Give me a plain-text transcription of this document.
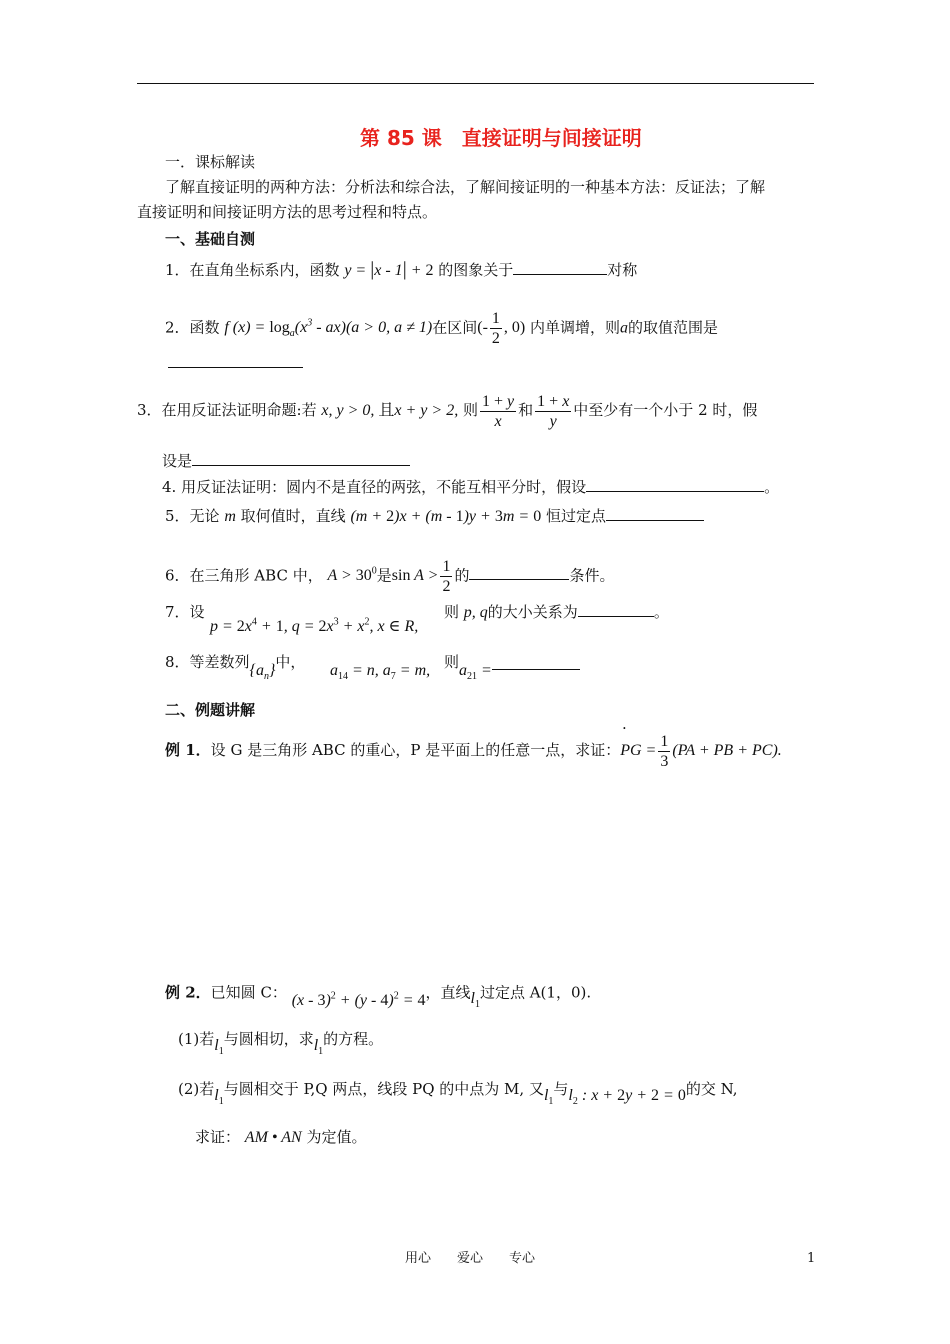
第 85 课　直接证明与间接证明
一．课标解读
了解直接证明的两种方法：分析法和综合法，了解间接证明的一种基本方法：反证法；了解
直接证明和间接证明方法的思考过程和特点。
一、基础自测
1．在直角坐标系内，函数 y = |x - 1| + 2 的图象关于	对称
2．函数 f $(x) = \log_a(x^3 - ax)(a > 0$, a ≠ 1)在区间(- $\frac{1}{2}$ , 0) 内单调增，则a的取值范围是
3．在用反证法证明命题:若 x, y > 0, 且x + y > 2, 则 $\frac{1 + y}{x}$ 和 $\frac{1 + x}{y}$ 中至少有一个小于 2 时，假
设是
4. 用反证法证明：圆内不是直径的两弦，不能互相平分时，假设	。
5．无论 m 取何值时，直线 (m + 2)x + (m - 1)y + 3m = 0 恒过定点
6．在三角形 ABC 中， $A > 30^0$是$\sin A > \frac{1}{2}$ 的	条件。
7．设
$p = 2x^4 + 1$, $q = 2x^3 + x^2$, x ∈ R,
则 p, q的大小关系为	。
8．等差数列$\{a_n\}$中， $a_{14} = n$, $a_7 = m$, 则$a_{21}$ =
二、例题讲解
.
例 1．设 G 是三角形 ABC 的重心，P 是平面上的任意一点，求证：PG = $\frac{1}{3} (PA$ + PB + PC).
例 2．已知圆 C： (x - 3)$^2$ + (y - 4)$^2$ = 4，直线$l_1$过定点 A(1，0).
(1)若$l_1$与圆相切，求$l_1$的方程。
(2)若$l_1$与圆相交于 P,Q 两点，线段 PQ 的中点为 M, 又$l_1$与$l_2$ : x + 2y + 2 = 0的交 N,
求证： AM • AN 为定值。
用心　　爱心　　专心	1
